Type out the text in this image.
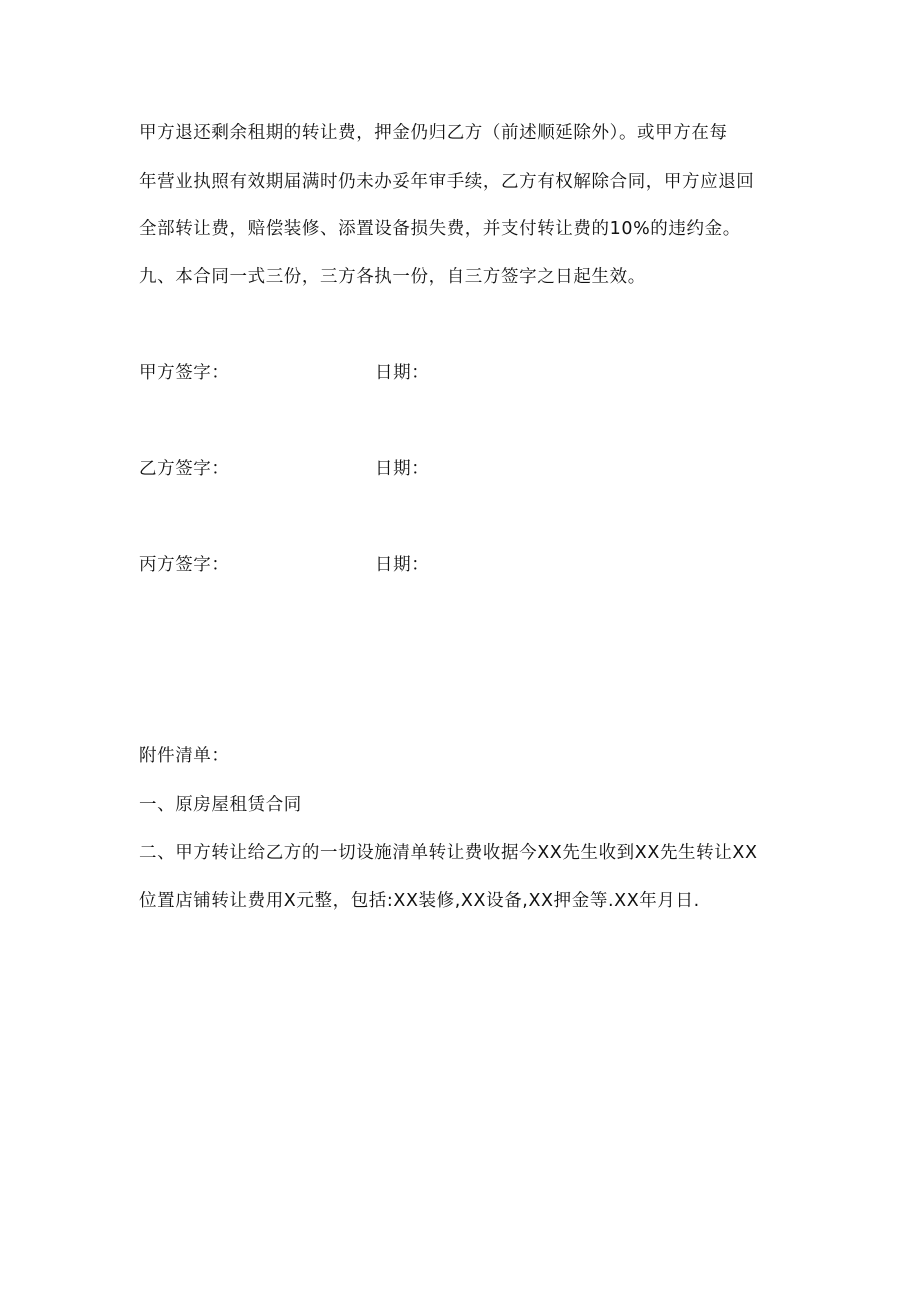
甲方退还剩余租期的转让费，押金仍归乙方（前述顺延除外）。或甲方在每
年营业执照有效期届满时仍未办妥年审手续，乙方有权解除合同，甲方应退回
全部转让费，赔偿装修、添置设备损失费，并支付转让费的10%的违约金。
九、本合同一式三份，三方各执一份，自三方签字之日起生效。
甲方签字：	日期：
乙方签字：	日期：
丙方签字：	日期：
附件清单：
一、原房屋租赁合同
二、甲方转让给乙方的一切设施清单转让费收据今XX先生收到XX先生转让XX
位置店铺转让费用X元整，包括:XX装修,XX设备,XX押金等.XX年月日.
